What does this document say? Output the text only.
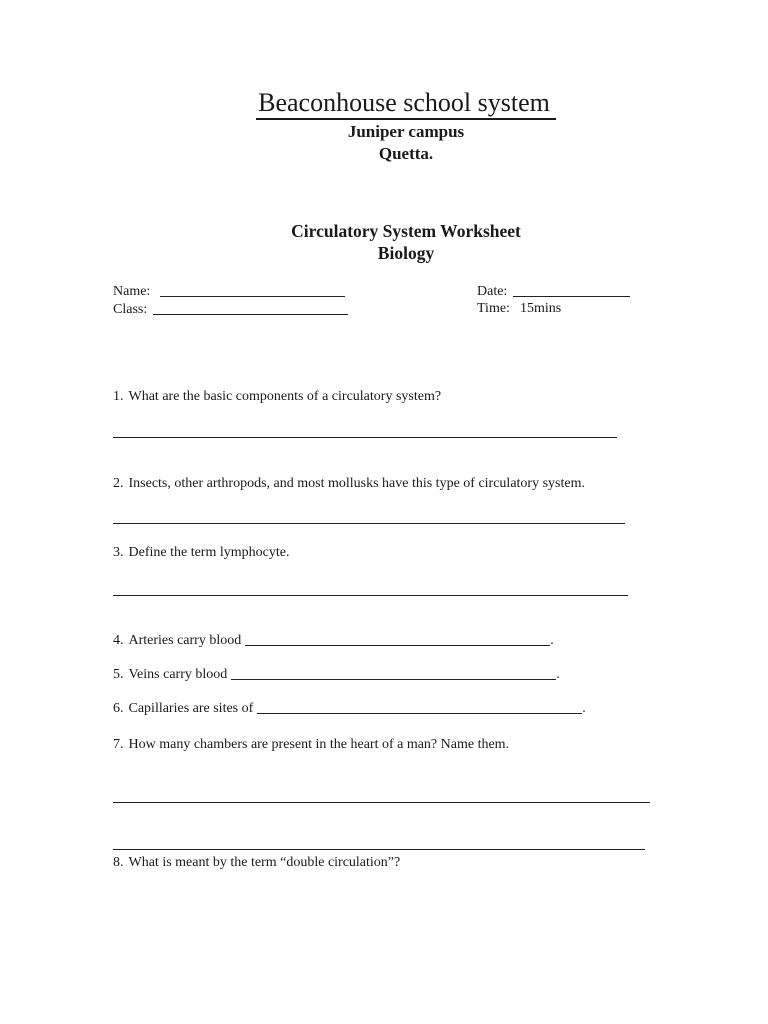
Beaconhouse school system
Juniper campus
Quetta.
Circulatory System Worksheet
Biology
Name:
Class:
Date:
Time: 15mins
1. What are the basic components of a circulatory system?
2. Insects, other arthropods, and most mollusks have this type of circulatory system.
3. Define the term lymphocyte.
4. Arteries carry blood	.
5. Veins carry blood	.
6. Capillaries are sites of	.
7. How many chambers are present in the heart of a man? Name them.
8. What is meant by the term “double circulation”?
